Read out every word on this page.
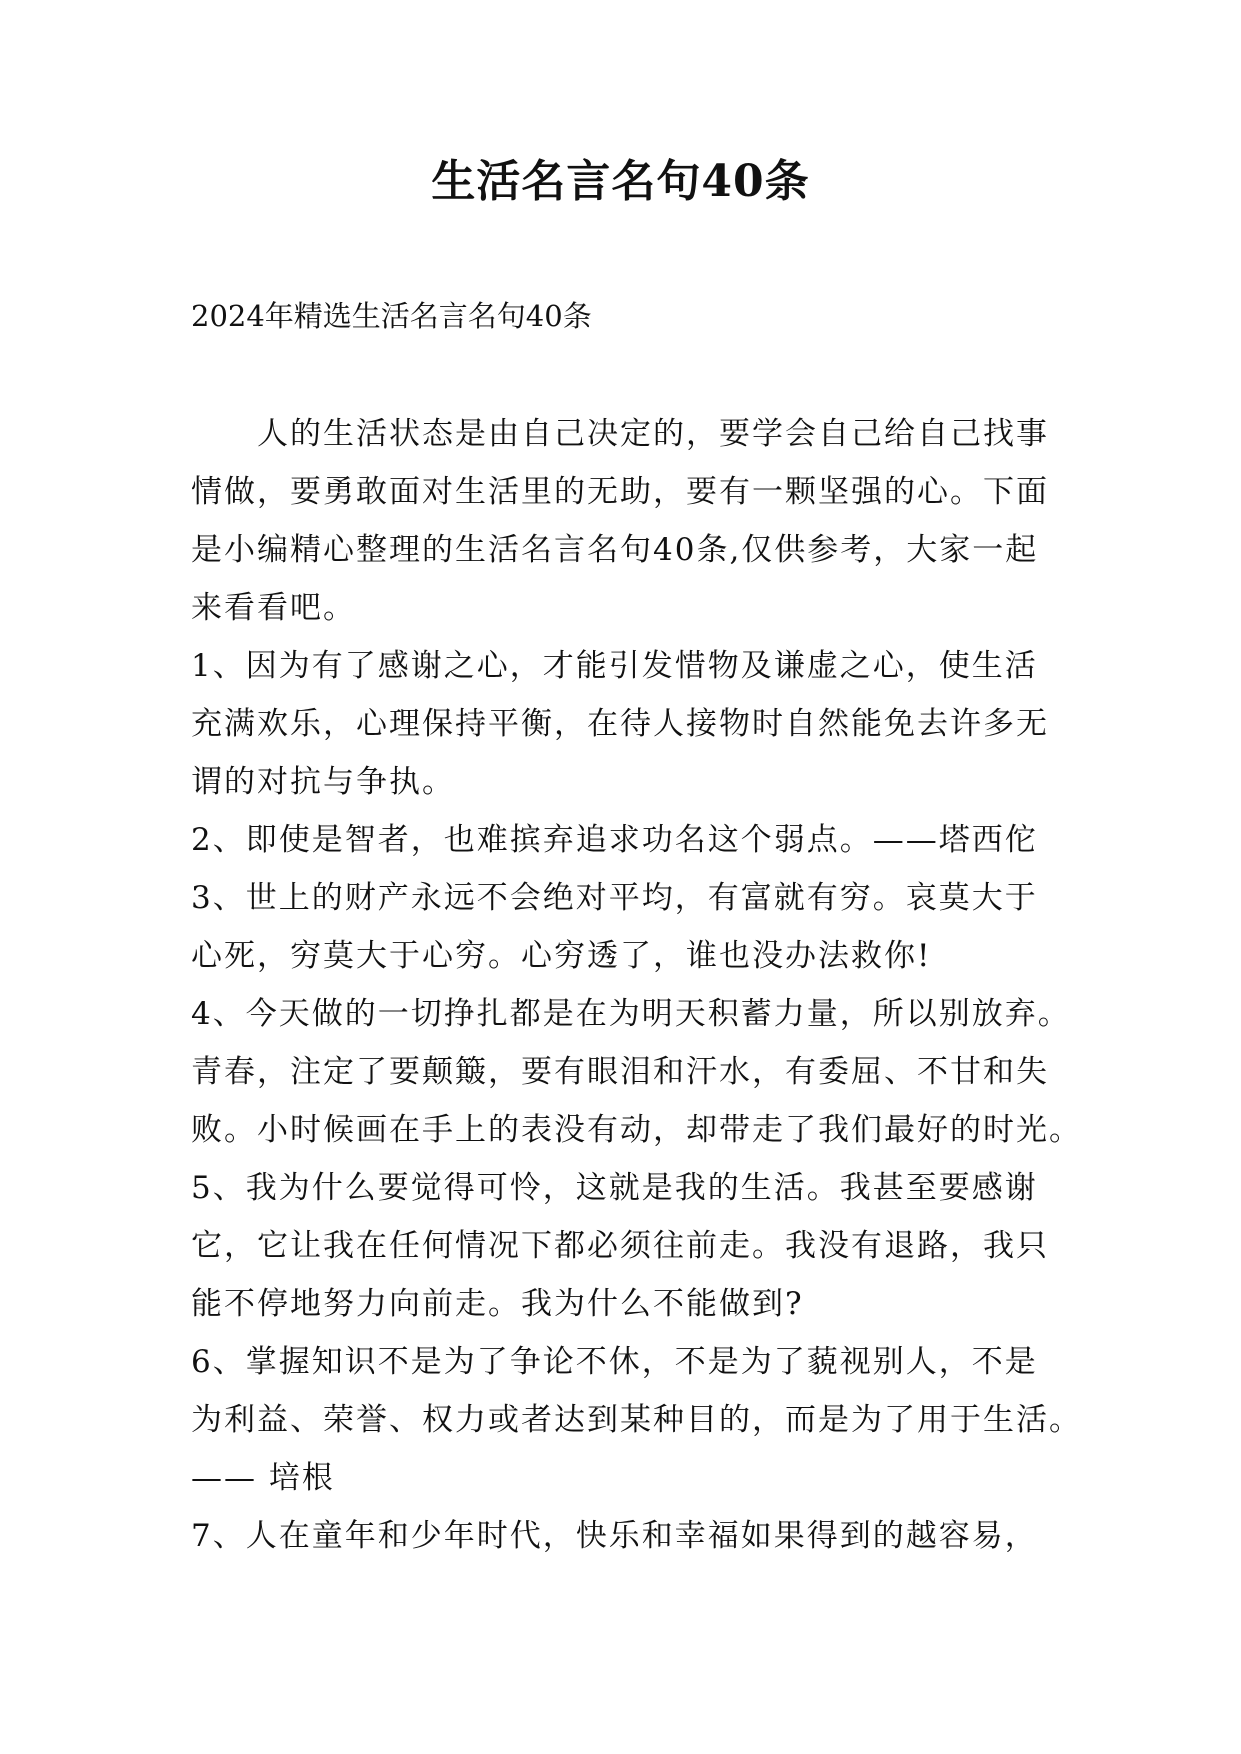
生活名言名句40条
2024年精选生活名言名句40条
　　人的生活状态是由自己决定的，要学会自己给自己找事
情做，要勇敢面对生活里的无助，要有一颗坚强的心。下面
是小编精心整理的生活名言名句40条,仅供参考，大家一起
来看看吧。
1、因为有了感谢之心，才能引发惜物及谦虚之心，使生活
充满欢乐，心理保持平衡，在待人接物时自然能免去许多无
谓的对抗与争执。
2、即使是智者，也难摈弃追求功名这个弱点。——塔西佗
3、世上的财产永远不会绝对平均，有富就有穷。哀莫大于
心死，穷莫大于心穷。心穷透了，谁也没办法救你!
4、今天做的一切挣扎都是在为明天积蓄力量，所以别放弃。
青春，注定了要颠簸，要有眼泪和汗水，有委屈、不甘和失
败。小时候画在手上的表没有动，却带走了我们最好的时光。
5、我为什么要觉得可怜，这就是我的生活。我甚至要感谢
它，它让我在任何情况下都必须往前走。我没有退路，我只
能不停地努力向前走。我为什么不能做到?
6、掌握知识不是为了争论不休，不是为了藐视别人，不是
为利益、荣誉、权力或者达到某种目的，而是为了用于生活。
—— 培根
7、人在童年和少年时代，快乐和幸福如果得到的越容易，
